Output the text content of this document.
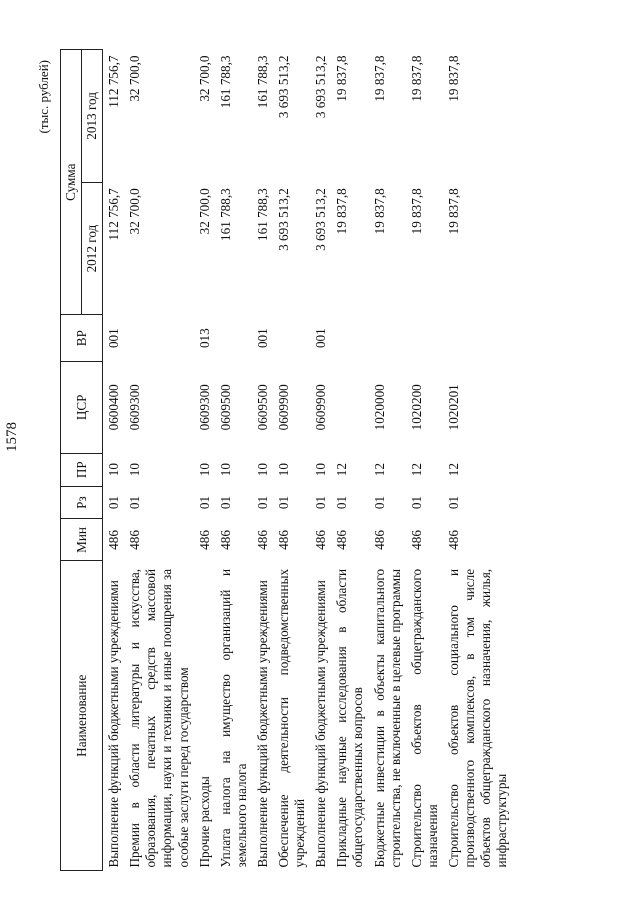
1578
(тыс. рублей)
Наименование	Мин	Рз	ПР	ЦСР	ВР	Сумма	
						2012 год	2013 год
Выполнение функций бюджетными учреждениями	486	01	10	0600400	001	112 756,7	112 756,7
Премии в области литературы и искусства, образования, печатных средств массовой информации, науки и техники и иные поощрения за особые заслуги перед государством	486	01	10	0609300		32 700,0	32 700,0
Прочие расходы	486	01	10	0609300	013	32 700,0	32 700,0
Уплата налога на имущество организаций и земельного налога	486	01	10	0609500		161 788,3	161 788,3
Выполнение функций бюджетными учреждениями	486	01	10	0609500	001	161 788,3	161 788,3
Обеспечение деятельности подведомственных учреждений	486	01	10	0609900		3 693 513,2	3 693 513,2
Выполнение функций бюджетными учреждениями	486	01	10	0609900	001	3 693 513,2	3 693 513,2
Прикладные научные исследования в области общегосударственных вопросов	486	01	12			19 837,8	19 837,8
Бюджетные инвестиции в объекты капитального строительства, не включенные в целевые программы	486	01	12	1020000		19 837,8	19 837,8
Строительство объектов общегражданского назначения	486	01	12	1020200		19 837,8	19 837,8
Строительство объектов социального и производственного комплексов, в том числе объектов общегражданского назначения, жилья, инфраструктуры	486	01	12	1020201		19 837,8	19 837,8
